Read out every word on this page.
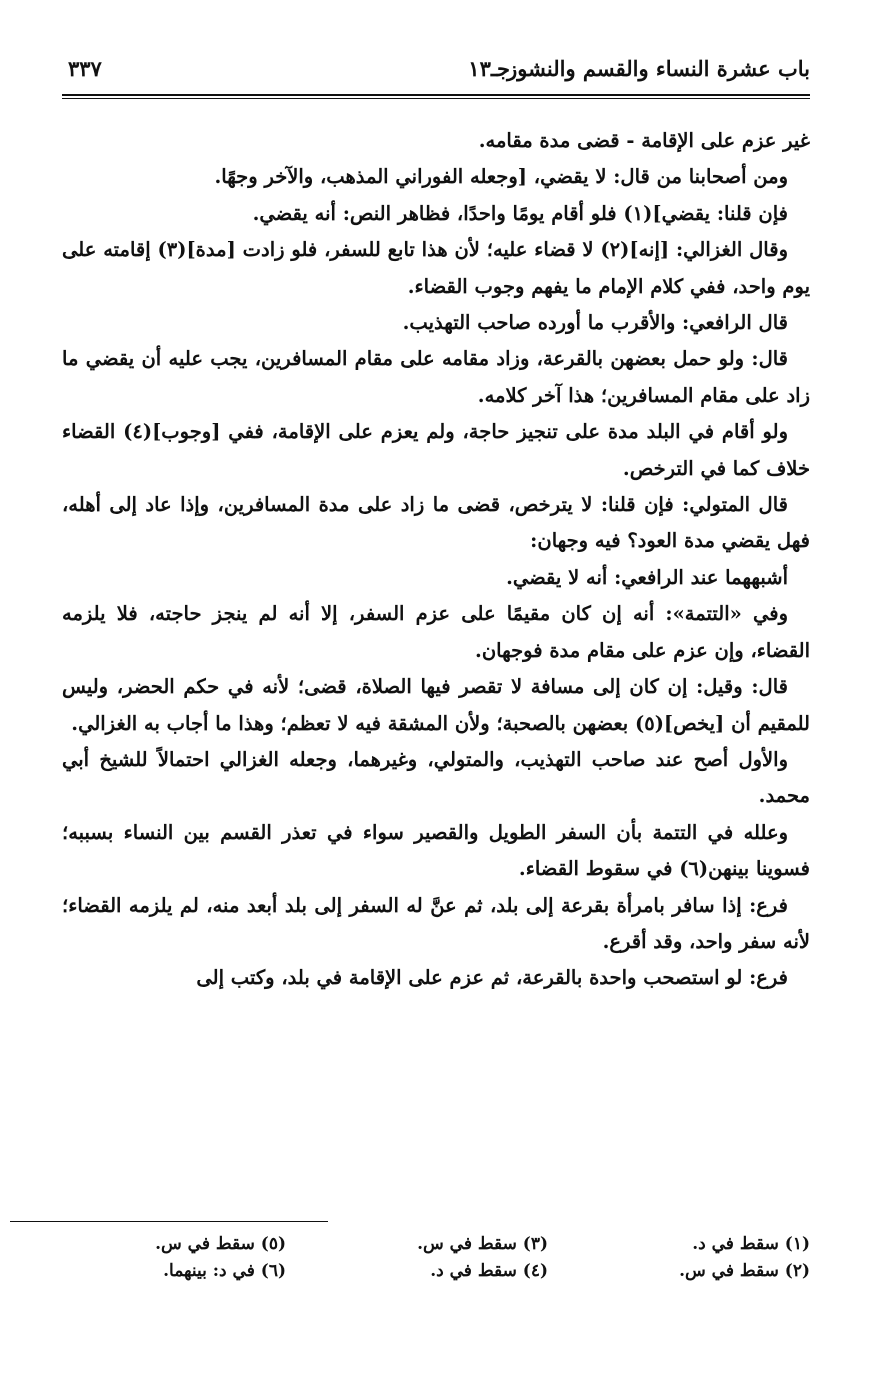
باب عشرة النساء والقسم والنشوز
جـ١٣
٣٣٧

غير عزم على الإقامة - قضى مدة مقامه.

ومن أصحابنا من قال: لا يقضي، [وجعله الفوراني المذهب، والآخر وجهًا.

فإن قلنا: يقضي](١) فلو أقام يومًا واحدًا، فظاهر النص: أنه يقضي.

وقال الغزالي: [إنه](٢) لا قضاء عليه؛ لأن هذا تابع للسفر، فلو زادت [مدة](٣) إقامته على يوم واحد، ففي كلام الإمام ما يفهم وجوب القضاء.

قال الرافعي: والأقرب ما أورده صاحب التهذيب.

قال: ولو حمل بعضهن بالقرعة، وزاد مقامه على مقام المسافرين، يجب عليه أن يقضي ما زاد على مقام المسافرين؛ هذا آخر كلامه.

ولو أقام في البلد مدة على تنجيز حاجة، ولم يعزم على الإقامة، ففي [وجوب](٤) القضاء خلاف كما في الترخص.

قال المتولي: فإن قلنا: لا يترخص، قضى ما زاد على مدة المسافرين، وإذا عاد إلى أهله، فهل يقضي مدة العود؟ فيه وجهان:

أشبههما عند الرافعي: أنه لا يقضي.

وفي «التتمة»: أنه إن كان مقيمًا على عزم السفر، إلا أنه لم ينجز حاجته، فلا يلزمه القضاء، وإن عزم على مقام مدة فوجهان.

قال: وقيل: إن كان إلى مسافة لا تقصر فيها الصلاة، قضى؛ لأنه في حكم الحضر، وليس للمقيم أن [يخص](٥) بعضهن بالصحبة؛ ولأن المشقة فيه لا تعظم؛ وهذا ما أجاب به الغزالي.

والأول أصح عند صاحب التهذيب، والمتولي، وغيرهما، وجعله الغزالي احتمالاً للشيخ أبي محمد.

وعلله في التتمة بأن السفر الطويل والقصير سواء في تعذر القسم بين النساء بسببه؛ فسوينا بينهن(٦) في سقوط القضاء.

فرع: إذا سافر بامرأة بقرعة إلى بلد، ثم عنَّ له السفر إلى بلد أبعد منه، لم يلزمه القضاء؛ لأنه سفر واحد، وقد أقرع.

فرع: لو استصحب واحدة بالقرعة، ثم عزم على الإقامة في بلد، وكتب إلى

(١) سقط في د.
(٣) سقط في س.
(٥) سقط في س.
(٢) سقط في س.
(٤) سقط في د.
(٦) في د: بينهما.
